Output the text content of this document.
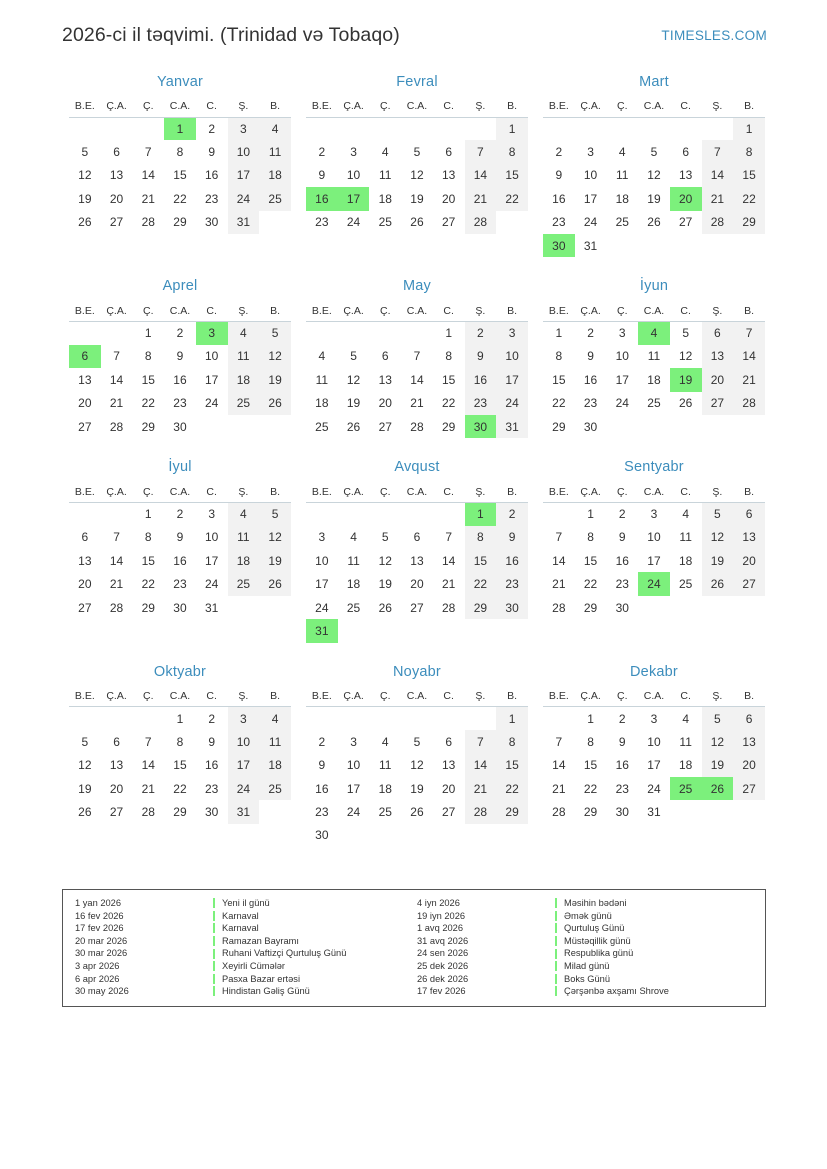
2026-ci il təqvimi. (Trinidad və Tobaqo)	TIMESLES.COM
Yanvar
B.E.	Ç.A.	Ç.	C.A.	C.	Ş.	B.
			1	2	3	4
5	6	7	8	9	10	11
12	13	14	15	16	17	18
19	20	21	22	23	24	25
26	27	28	29	30	31	
Fevral
B.E.	Ç.A.	Ç.	C.A.	C.	Ş.	B.
						1
2	3	4	5	6	7	8
9	10	11	12	13	14	15
16	17	18	19	20	21	22
23	24	25	26	27	28	
Mart
B.E.	Ç.A.	Ç.	C.A.	C.	Ş.	B.
						1
2	3	4	5	6	7	8
9	10	11	12	13	14	15
16	17	18	19	20	21	22
23	24	25	26	27	28	29
30	31					
Aprel
B.E.	Ç.A.	Ç.	C.A.	C.	Ş.	B.
		1	2	3	4	5
6	7	8	9	10	11	12
13	14	15	16	17	18	19
20	21	22	23	24	25	26
27	28	29	30			
May
B.E.	Ç.A.	Ç.	C.A.	C.	Ş.	B.
				1	2	3
4	5	6	7	8	9	10
11	12	13	14	15	16	17
18	19	20	21	22	23	24
25	26	27	28	29	30	31
İyun
B.E.	Ç.A.	Ç.	C.A.	C.	Ş.	B.
1	2	3	4	5	6	7
8	9	10	11	12	13	14
15	16	17	18	19	20	21
22	23	24	25	26	27	28
29	30					
İyul
B.E.	Ç.A.	Ç.	C.A.	C.	Ş.	B.
		1	2	3	4	5
6	7	8	9	10	11	12
13	14	15	16	17	18	19
20	21	22	23	24	25	26
27	28	29	30	31		
Avqust
B.E.	Ç.A.	Ç.	C.A.	C.	Ş.	B.
					1	2
3	4	5	6	7	8	9
10	11	12	13	14	15	16
17	18	19	20	21	22	23
24	25	26	27	28	29	30
31						
Sentyabr
B.E.	Ç.A.	Ç.	C.A.	C.	Ş.	B.
	1	2	3	4	5	6
7	8	9	10	11	12	13
14	15	16	17	18	19	20
21	22	23	24	25	26	27
28	29	30				
Oktyabr
B.E.	Ç.A.	Ç.	C.A.	C.	Ş.	B.
			1	2	3	4
5	6	7	8	9	10	11
12	13	14	15	16	17	18
19	20	21	22	23	24	25
26	27	28	29	30	31	
Noyabr
B.E.	Ç.A.	Ç.	C.A.	C.	Ş.	B.
						1
2	3	4	5	6	7	8
9	10	11	12	13	14	15
16	17	18	19	20	21	22
23	24	25	26	27	28	29
30						
Dekabr
B.E.	Ç.A.	Ç.	C.A.	C.	Ş.	B.
	1	2	3	4	5	6
7	8	9	10	11	12	13
14	15	16	17	18	19	20
21	22	23	24	25	26	27
28	29	30	31			
1 yan 2026	Yeni il günü
16 fev 2026	Karnaval
17 fev 2026	Karnaval
20 mar 2026	Ramazan Bayramı
30 mar 2026	Ruhani Vaftizçi Qurtuluş Günü
3 apr 2026	Xeyirli Cümələr
6 apr 2026	Pasxa Bazar ertəsi
30 may 2026	Hindistan Gəliş Günü
4 iyn 2026	Məsihin bədəni
19 iyn 2026	Əmək günü
1 avq 2026	Qurtuluş Günü
31 avq 2026	Müstəqillik günü
24 sen 2026	Respublika günü
25 dek 2026	Milad günü
26 dek 2026	Boks Günü
17 fev 2026	Çərşənbə axşamı Shrove
